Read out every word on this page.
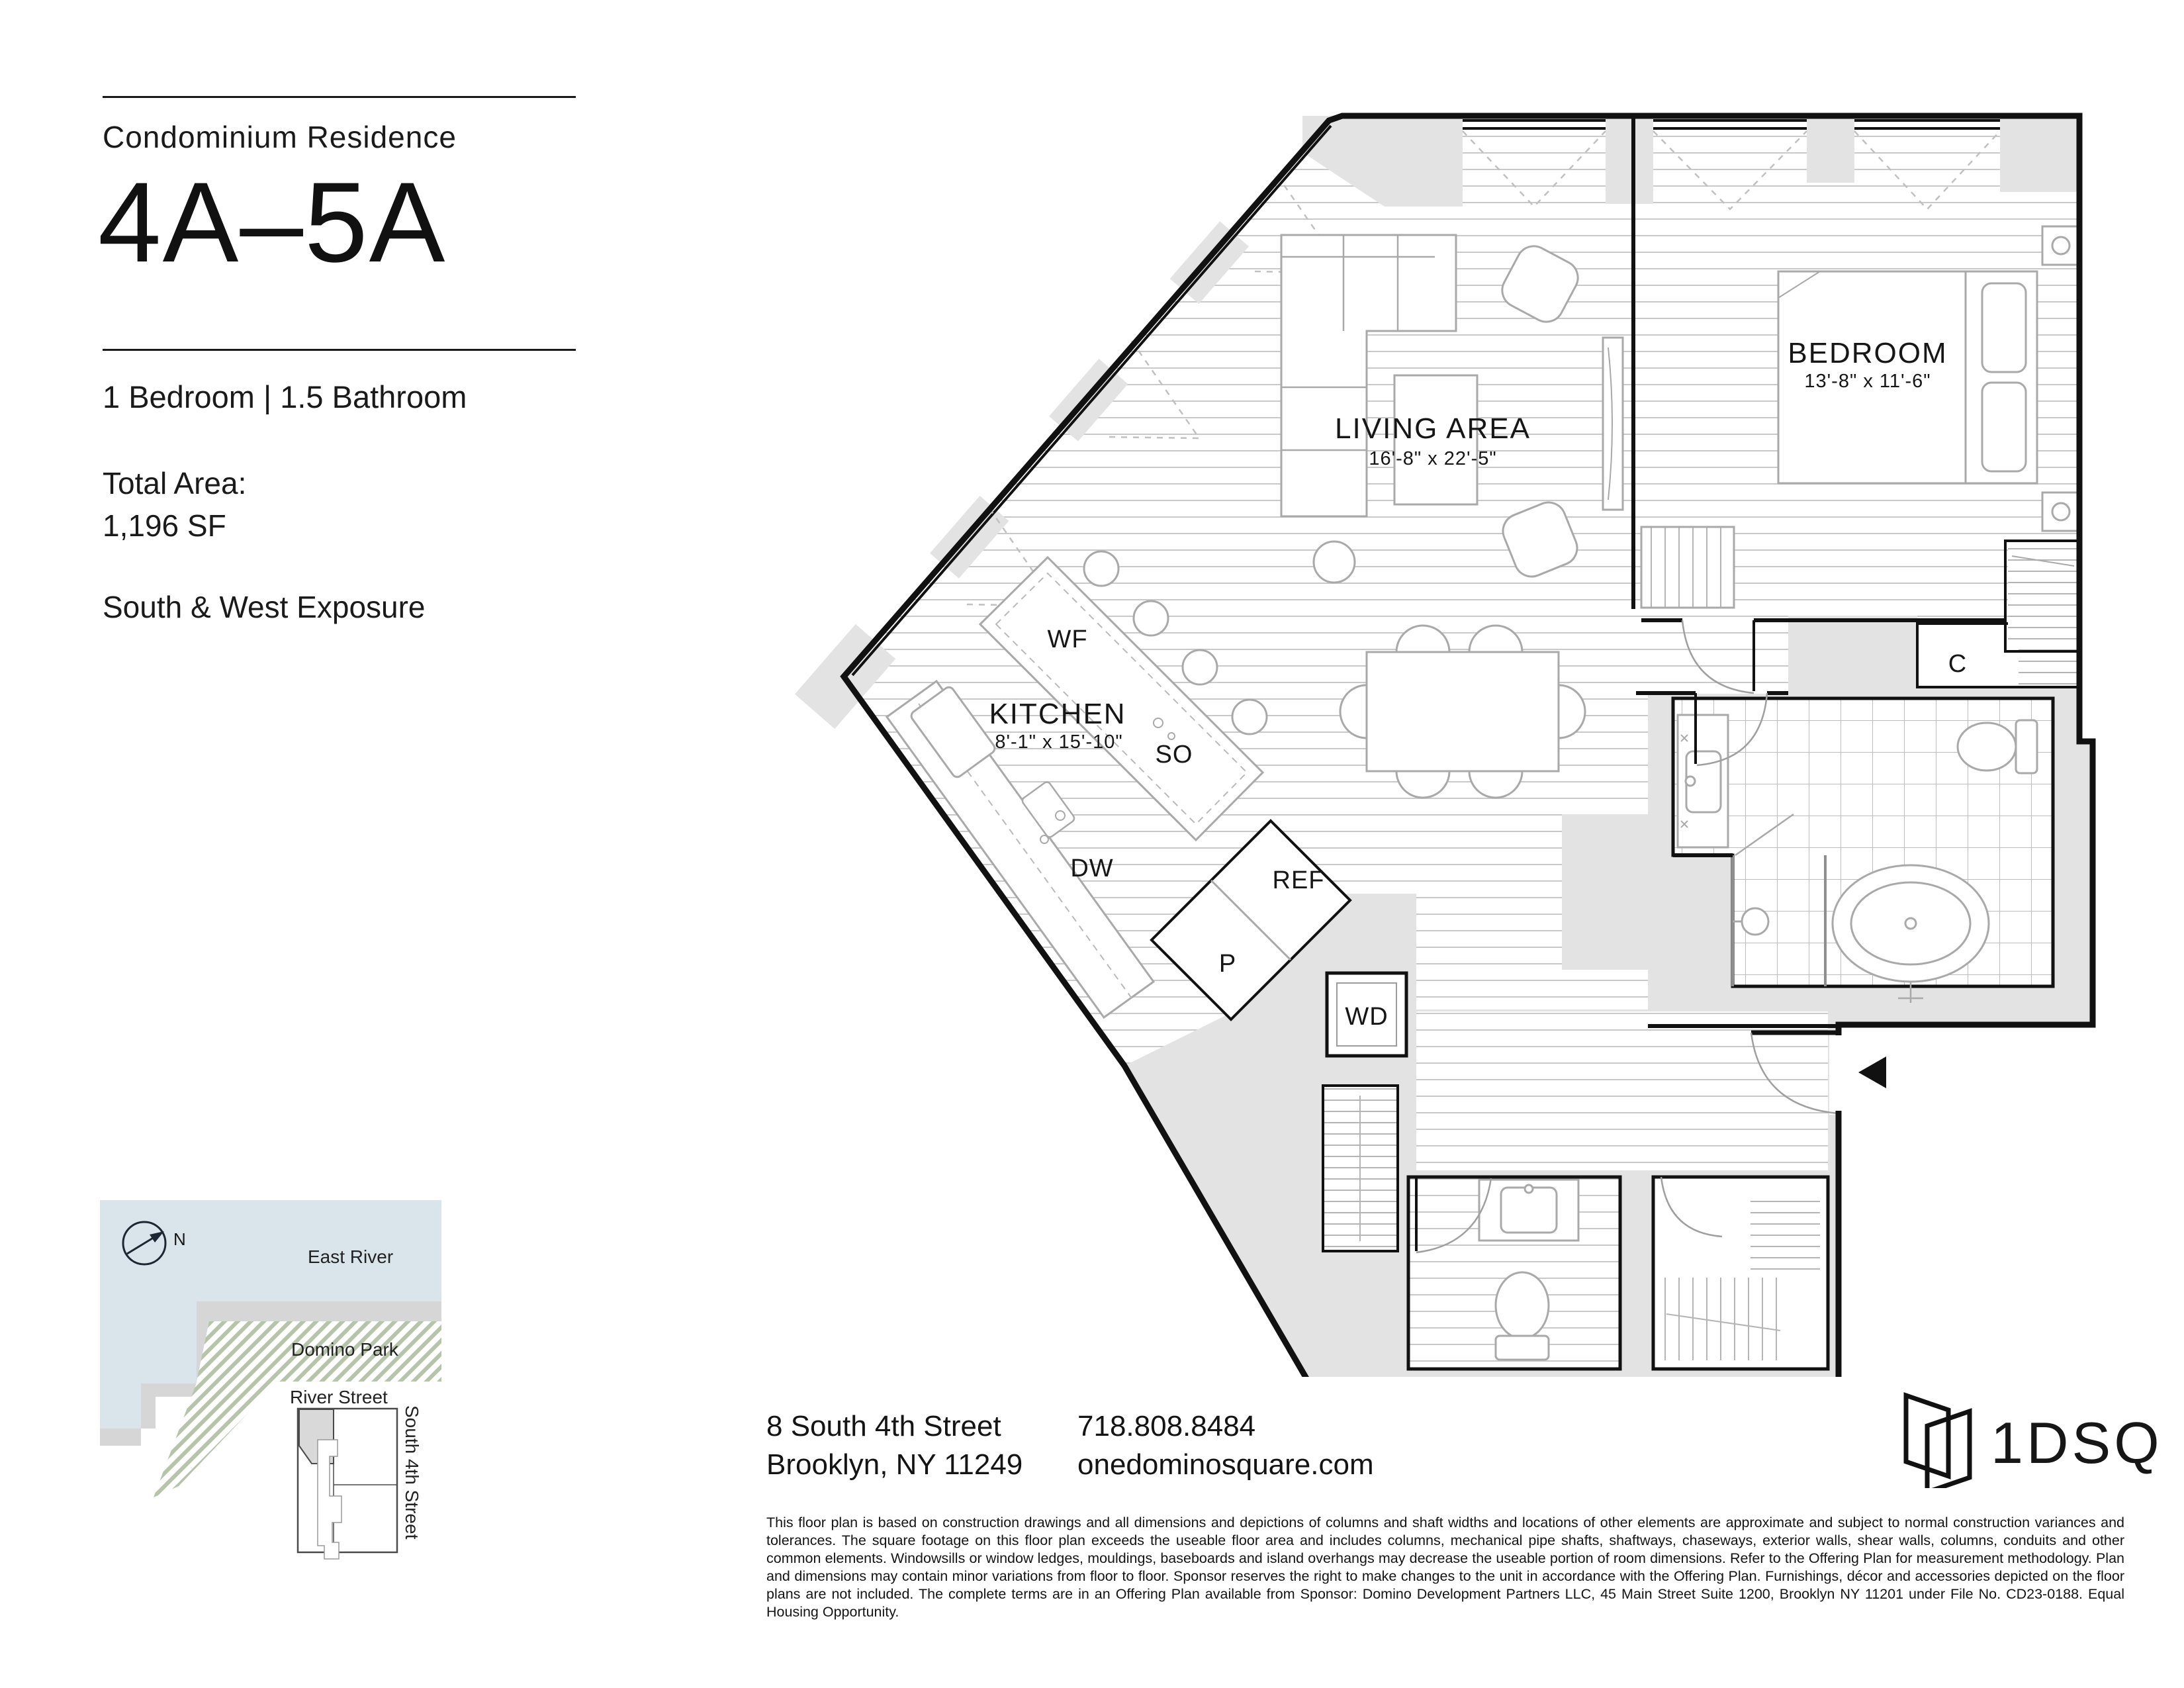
Condominium Residence
4A–5A
1 Bedroom | 1.5 Bathroom
Total Area:
1,196 SF
South & West Exposure
LIVING AREA
16'-8" x 22'-5"
BEDROOM
13'-8" x 11'-6"
KITCHEN
8'-1" x 15'-10"
WF
SO
DW	REF
P
WD
C
N
East River
Domino Park
River Street
South 4th Street	8 South 4th Street
Brooklyn, NY 11249
718.808.8484
onedominosquare.com
This floor plan is based on construction drawings and all dimensions and depictions of columns and shaft widths and locations of other elements are approximate and subject to normal construction variances and tolerances. The square footage on this floor plan exceeds the useable floor area and includes columns, mechanical pipe shafts, shaftways, chaseways, exterior walls, shear walls, columns, conduits and other common elements. Windowsills or window ledges, mouldings, baseboards and island overhangs may decrease the useable portion of room dimensions. Refer to the Offering Plan for measurement methodology. Plan and dimensions may contain minor variations from floor to floor. Sponsor reserves the right to make changes to the unit in accordance with the Offering Plan. Furnishings, décor and accessories depicted on the floor plans are not included. The complete terms are in an Offering Plan available from Sponsor: Domino Development Partners LLC, 45 Main Street Suite 1200, Brooklyn NY 11201 under File No. CD23-0188. Equal Housing Opportunity.
1DSQ
